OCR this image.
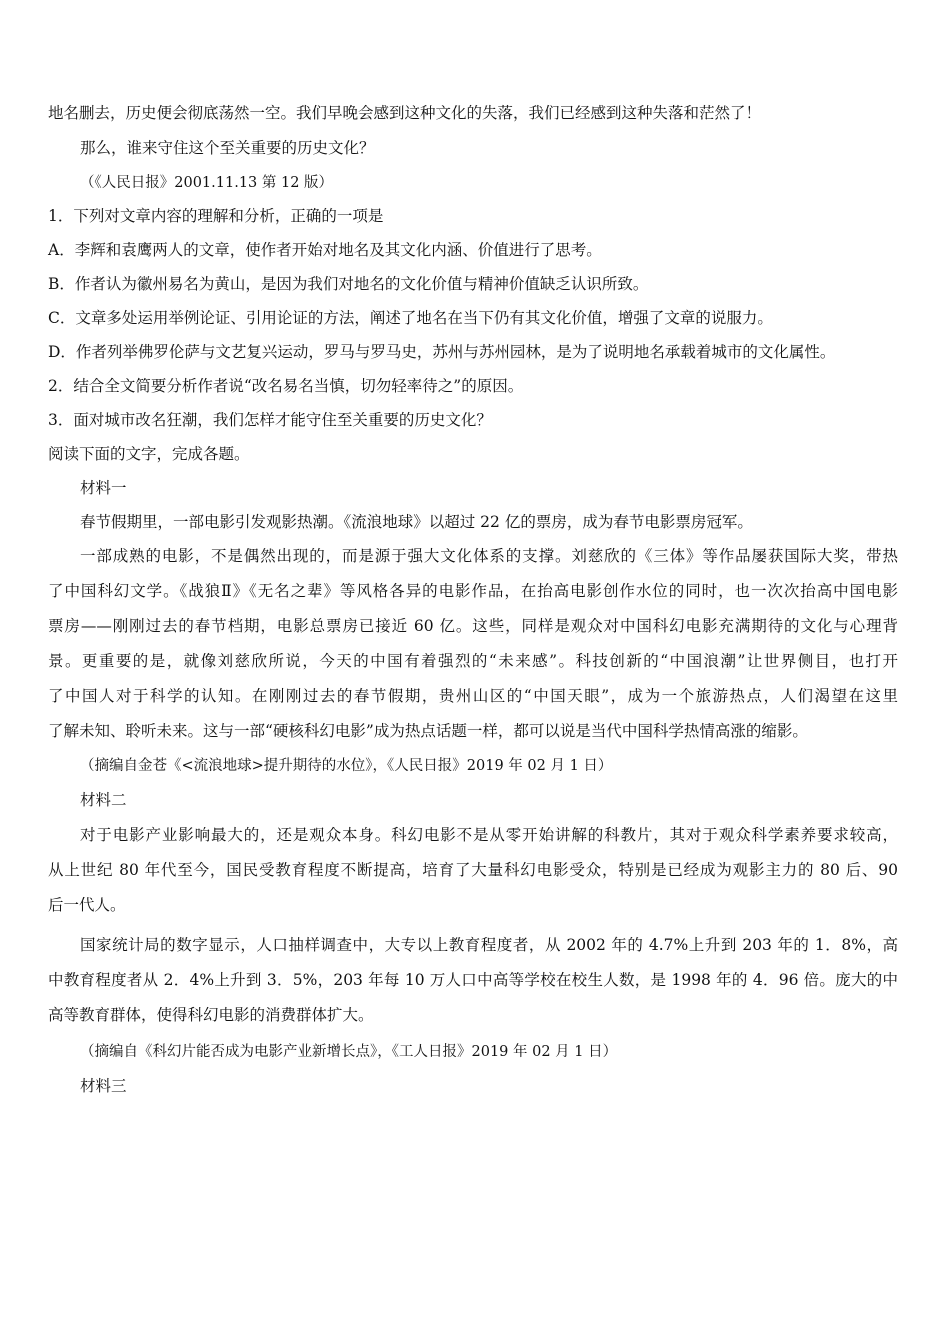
地名删去，历史便会彻底荡然一空。我们早晚会感到这种文化的失落，我们已经感到这种失落和茫然了！
那么，谁来守住这个至关重要的历史文化？
（《人民日报》2001.11.13 第 12 版）
1．下列对文章内容的理解和分析，正确的一项是
A．李辉和袁鹰两人的文章，使作者开始对地名及其文化内涵、价值进行了思考。
B．作者认为徽州易名为黄山，是因为我们对地名的文化价值与精神价值缺乏认识所致。
C．文章多处运用举例论证、引用论证的方法，阐述了地名在当下仍有其文化价值，增强了文章的说服力。
D．作者列举佛罗伦萨与文艺复兴运动，罗马与罗马史，苏州与苏州园林，是为了说明地名承载着城市的文化属性。
2．结合全文简要分析作者说“改名易名当慎，切勿轻率待之”的原因。
3．面对城市改名狂潮，我们怎样才能守住至关重要的历史文化？
阅读下面的文字，完成各题。
材料一
春节假期里，一部电影引发观影热潮。《流浪地球》以超过 22 亿的票房，成为春节电影票房冠军。
一部成熟的电影，不是偶然出现的，而是源于强大文化体系的支撑。刘慈欣的《三体》等作品屡获国际大奖，带热
了中国科幻文学。《战狼Ⅱ》《无名之辈》等风格各异的电影作品，在抬高电影创作水位的同时，也一次次抬高中国电影
票房——刚刚过去的春节档期，电影总票房已接近 60 亿。这些，同样是观众对中国科幻电影充满期待的文化与心理背
景。更重要的是，就像刘慈欣所说，今天的中国有着强烈的“未来感”。科技创新的“中国浪潮”让世界侧目，也打开
了中国人对于科学的认知。在刚刚过去的春节假期，贵州山区的“中国天眼”，成为一个旅游热点，人们渴望在这里
了解未知、聆听未来。这与一部“硬核科幻电影”成为热点话题一样，都可以说是当代中国科学热情高涨的缩影。
（摘编自金苍《<流浪地球>提升期待的水位》，《人民日报》2019 年 02 月 1 日）
材料二
对于电影产业影响最大的，还是观众本身。科幻电影不是从零开始讲解的科教片，其对于观众科学素养要求较高，
从上世纪 80 年代至今，国民受教育程度不断提高，培育了大量科幻电影受众，特别是已经成为观影主力的 80 后、90
后一代人。
国家统计局的数字显示，人口抽样调查中，大专以上教育程度者，从 2002 年的 4.7%上升到 203 年的 1．8%，高
中教育程度者从 2．4%上升到 3．5%，203 年每 10 万人口中高等学校在校生人数，是 1998 年的 4．96 倍。庞大的中
高等教育群体，使得科幻电影的消费群体扩大。
（摘编自《科幻片能否成为电影产业新增长点》，《工人日报》2019 年 02 月 1 日）
材料三
